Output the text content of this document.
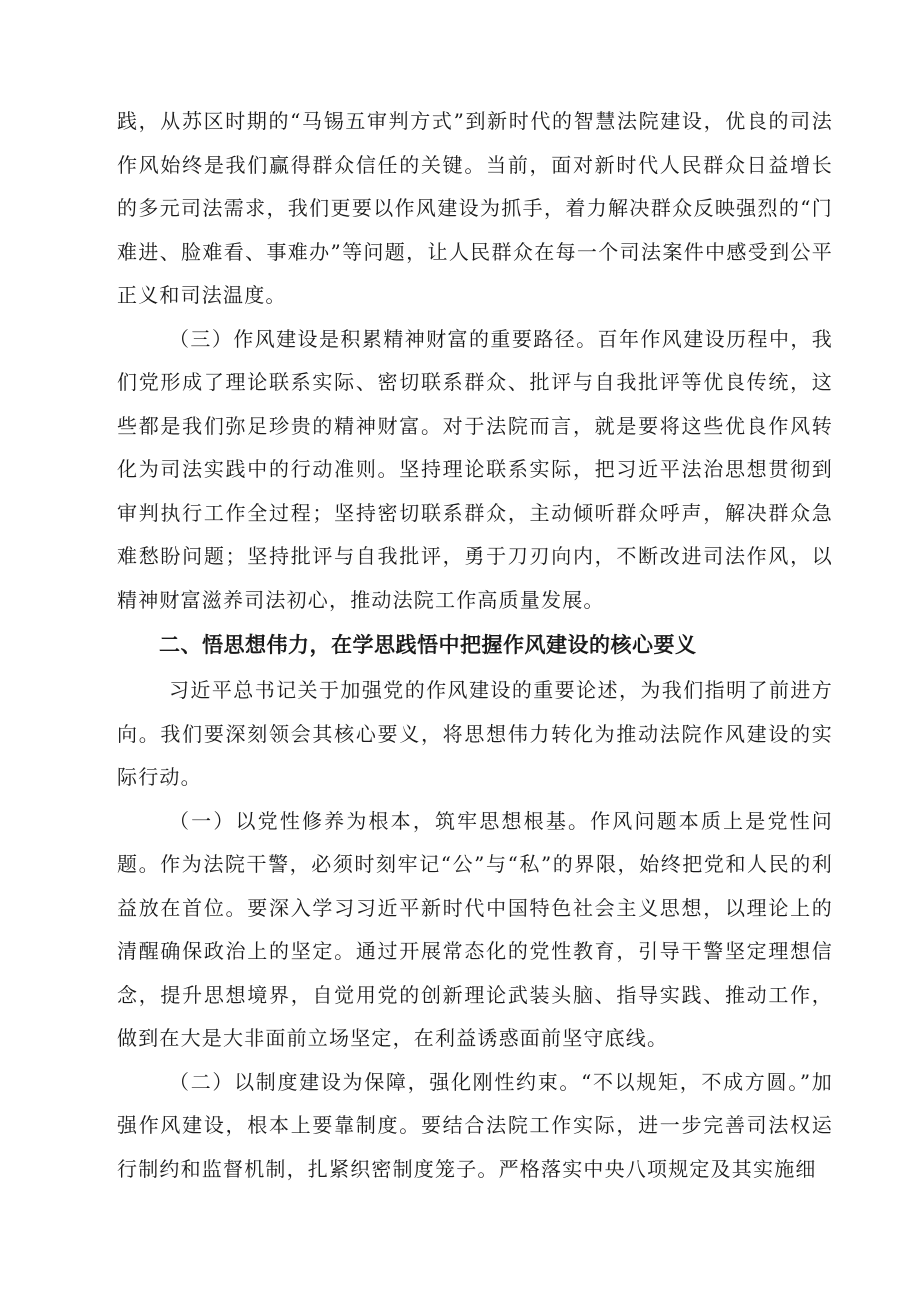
践，从苏区时期的“马锡五审判方式”到新时代的智慧法院建设，优良的司法作风始终是我们赢得群众信任的关键。当前，面对新时代人民群众日益增长的多元司法需求，我们更要以作风建设为抓手，着力解决群众反映强烈的“门难进、脸难看、事难办”等问题，让人民群众在每一个司法案件中感受到公平正义和司法温度。

（三）作风建设是积累精神财富的重要路径。百年作风建设历程中，我们党形成了理论联系实际、密切联系群众、批评与自我批评等优良传统，这些都是我们弥足珍贵的精神财富。对于法院而言，就是要将这些优良作风转化为司法实践中的行动准则。坚持理论联系实际，把习近平法治思想贯彻到审判执行工作全过程；坚持密切联系群众，主动倾听群众呼声，解决群众急难愁盼问题；坚持批评与自我批评，勇于刀刃向内，不断改进司法作风，以精神财富滋养司法初心，推动法院工作高质量发展。

二、悟思想伟力，在学思践悟中把握作风建设的核心要义

习近平总书记关于加强党的作风建设的重要论述，为我们指明了前进方向。我们要深刻领会其核心要义，将思想伟力转化为推动法院作风建设的实际行动。

（一）以党性修养为根本，筑牢思想根基。作风问题本质上是党性问题。作为法院干警，必须时刻牢记“公”与“私”的界限，始终把党和人民的利益放在首位。要深入学习习近平新时代中国特色社会主义思想，以理论上的清醒确保政治上的坚定。通过开展常态化的党性教育，引导干警坚定理想信念，提升思想境界，自觉用党的创新理论武装头脑、指导实践、推动工作，做到在大是大非面前立场坚定，在利益诱惑面前坚守底线。

（二）以制度建设为保障，强化刚性约束。“不以规矩，不成方圆。”加强作风建设，根本上要靠制度。要结合法院工作实际，进一步完善司法权运行制约和监督机制，扎紧织密制度笼子。严格落实中央八项规定及其实施细
